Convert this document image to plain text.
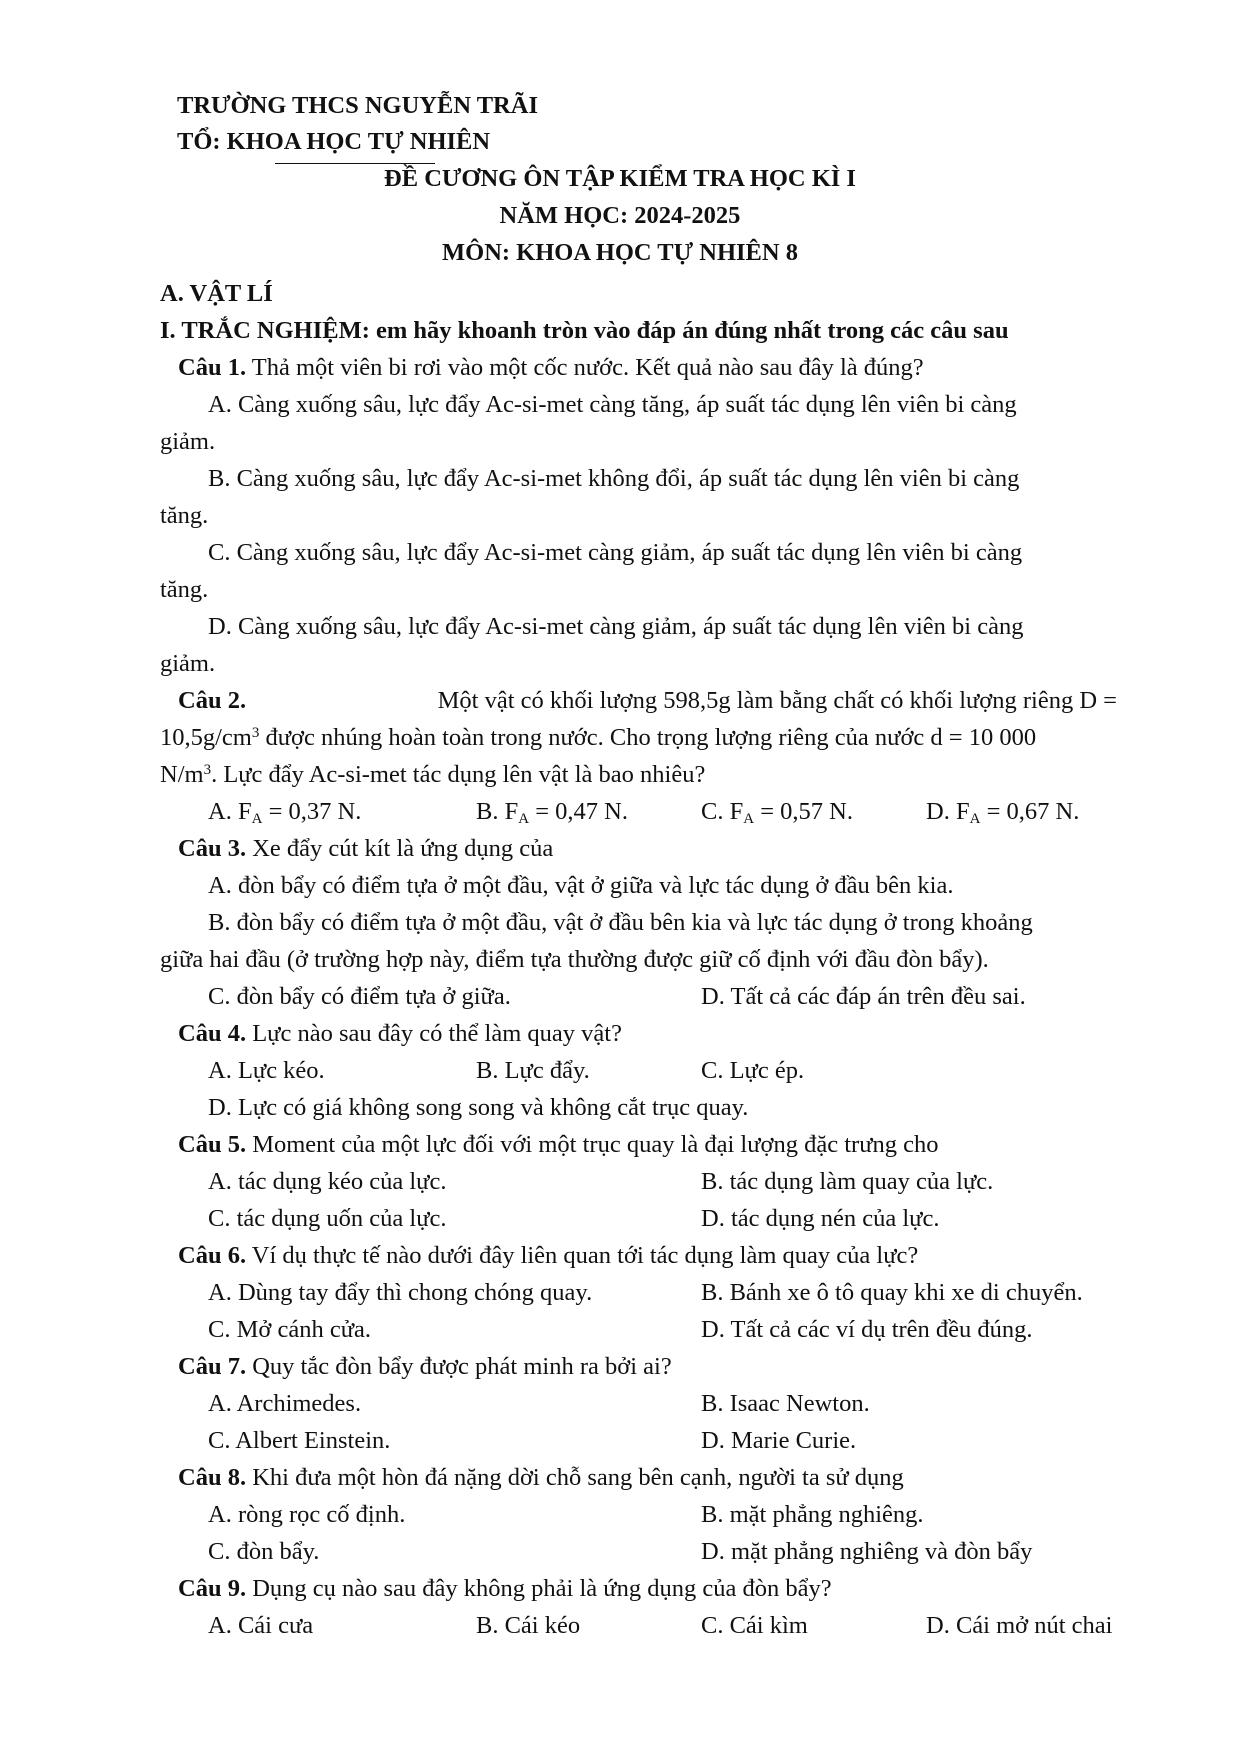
TRƯỜNG THCS NGUYỄN TRÃI
TỔ: KHOA HỌC TỰ NHIÊN
ĐỀ CƯƠNG ÔN TẬP KIỂM TRA HỌC KÌ I
NĂM HỌC: 2024-2025
MÔN: KHOA HỌC TỰ NHIÊN 8
A. VẬT LÍ
I. TRẮC NGHIỆM: em hãy khoanh tròn vào đáp án đúng nhất trong các câu sau
Câu 1. Thả một viên bi rơi vào một cốc nước. Kết quả nào sau đây là đúng?
A. Càng xuống sâu, lực đẩy Ac-si-met càng tăng, áp suất tác dụng lên viên bi càng
giảm.
B. Càng xuống sâu, lực đẩy Ac-si-met không đổi, áp suất tác dụng lên viên bi càng
tăng.
C. Càng xuống sâu, lực đẩy Ac-si-met càng giảm, áp suất tác dụng lên viên bi càng
tăng.
D. Càng xuống sâu, lực đẩy Ac-si-met càng giảm, áp suất tác dụng lên viên bi càng
giảm.
Câu 2.	Một vật có khối lượng 598,5g làm bằng chất có khối lượng riêng D =
$10,5g/cm^3$ được nhúng hoàn toàn trong nước. Cho trọng lượng riêng của nước d = 10 000
$N/m^3$. Lực đẩy Ac-si-met tác dụng lên vật là bao nhiêu?
A. $F_A = 0,37$ N.	B. $F_A = 0,47$ N.	C. $F_A = 0,57$ N.	D. $F_A = 0,67$ N.
Câu 3. Xe đẩy cút kít là ứng dụng của
A. đòn bẩy có điểm tựa ở một đầu, vật ở giữa và lực tác dụng ở đầu bên kia.
B. đòn bẩy có điểm tựa ở một đầu, vật ở đầu bên kia và lực tác dụng ở trong khoảng
giữa hai đầu (ở trường hợp này, điểm tựa thường được giữ cố định với đầu đòn bẩy).
C. đòn bẩy có điểm tựa ở giữa.	D. Tất cả các đáp án trên đều sai.
Câu 4. Lực nào sau đây có thể làm quay vật?
A. Lực kéo.	B. Lực đẩy.	C. Lực ép.
D. Lực có giá không song song và không cắt trục quay.
Câu 5. Moment của một lực đối với một trục quay là đại lượng đặc trưng cho
A. tác dụng kéo của lực.	B. tác dụng làm quay của lực.
C. tác dụng uốn của lực.	D. tác dụng nén của lực.
Câu 6. Ví dụ thực tế nào dưới đây liên quan tới tác dụng làm quay của lực?
A. Dùng tay đẩy thì chong chóng quay.	B. Bánh xe ô tô quay khi xe di chuyển.
C. Mở cánh cửa.	D. Tất cả các ví dụ trên đều đúng.
Câu 7. Quy tắc đòn bẩy được phát minh ra bởi ai?
A. Archimedes.	B. Isaac Newton.
C. Albert Einstein.	D. Marie Curie.
Câu 8. Khi đưa một hòn đá nặng dời chỗ sang bên cạnh, người ta sử dụng
A. ròng rọc cố định.	B. mặt phẳng nghiêng.
C. đòn bẩy.	D. mặt phẳng nghiêng và đòn bẩy
Câu 9. Dụng cụ nào sau đây không phải là ứng dụng của đòn bẩy?
A. Cái cưa	B. Cái kéo	C. Cái kìm	D. Cái mở nút chai
